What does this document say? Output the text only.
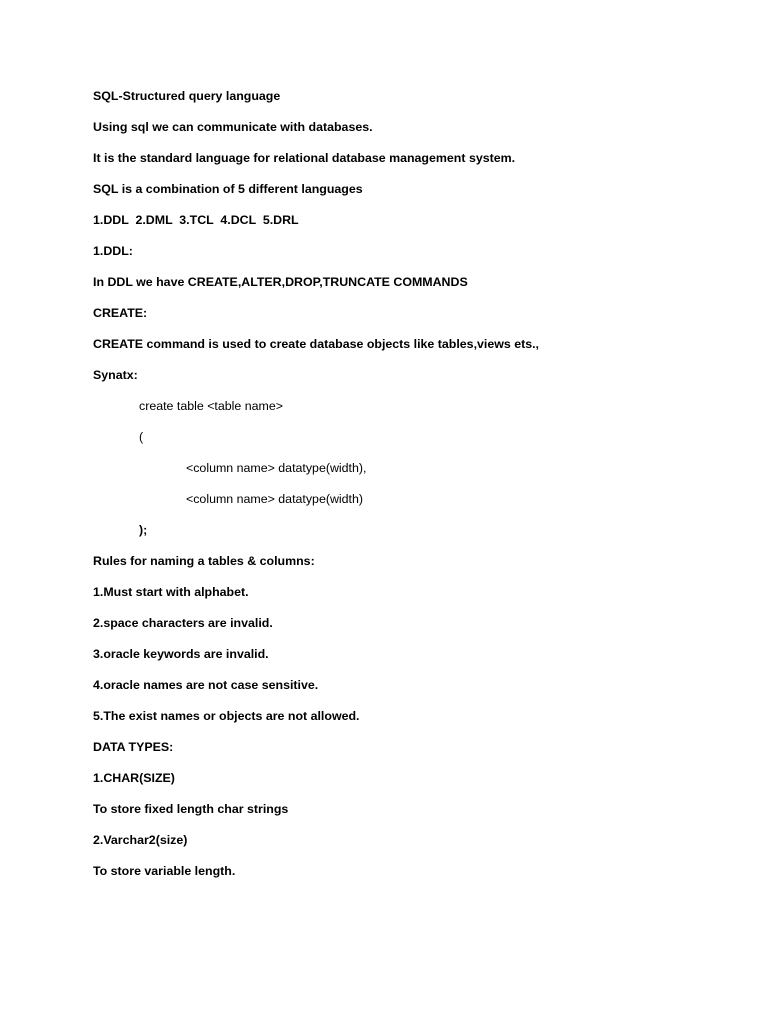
SQL-Structured query language

Using sql we can communicate with databases.

It is the standard language for relational database management system.

SQL is a combination of 5 different languages

1.DDL  2.DML  3.TCL  4.DCL  5.DRL

1.DDL:

In DDL we have CREATE,ALTER,DROP,TRUNCATE COMMANDS

CREATE:

CREATE command is used to create database objects like tables,views ets.,

Synatx:

create table <table name>

(

<column name> datatype(width),

<column name> datatype(width)

);

Rules for naming a tables & columns:

1.Must start with alphabet.

2.space characters are invalid.

3.oracle keywords are invalid.

4.oracle names are not case sensitive.

5.The exist names or objects are not allowed.

DATA TYPES:

1.CHAR(SIZE)

To store fixed length char strings

2.Varchar2(size)

To store variable length.
